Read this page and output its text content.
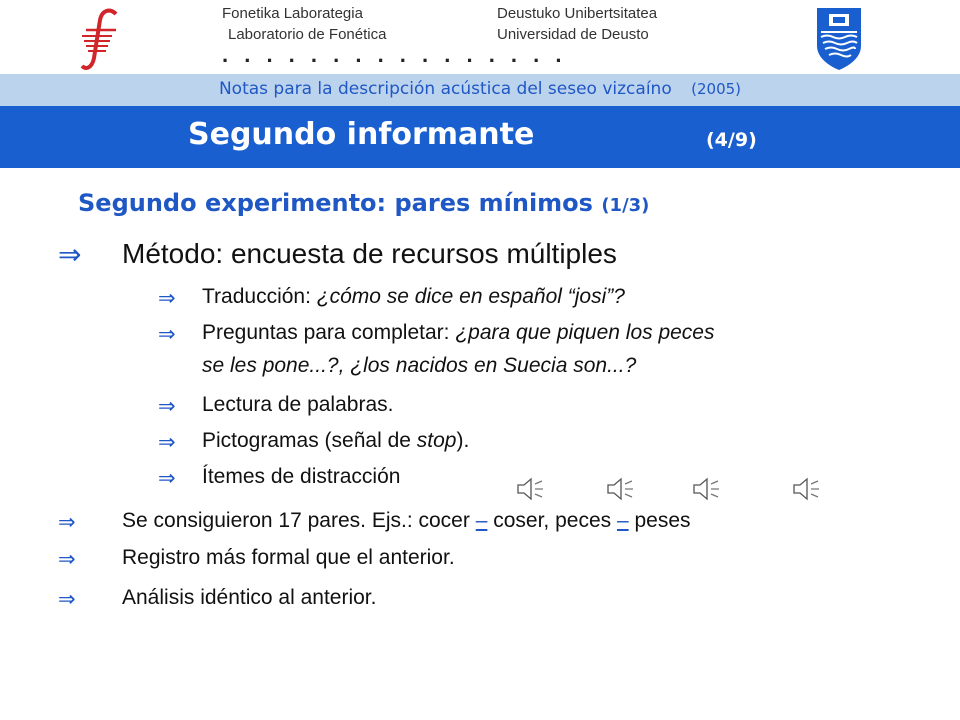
Fonetika Laborategia
Laboratorio de Fonética
Deustuko Unibertsitatea
Universidad de Deusto
. . . . . . . . . . . . . . . .
Notas para la descripción acústica del seseo vizcaíno (2005)
Segundo informante	(4/9)
Segundo experimento: pares mínimos (1/3)
⇒ Método: encuesta de recursos múltiples
⇒ Traducción: ¿cómo se dice en español “josi”?
⇒ Preguntas para completar: ¿para que piquen los peces
se les pone...?, ¿los nacidos en Suecia son...?
⇒ Lectura de palabras.
⇒ Pictogramas (señal de stop).
⇒ Ítemes de distracción
⇒ Se consiguieron 17 pares. Ejs.: cocer – coser, peces – peses
⇒ Registro más formal que el anterior.
⇒ Análisis idéntico al anterior.
